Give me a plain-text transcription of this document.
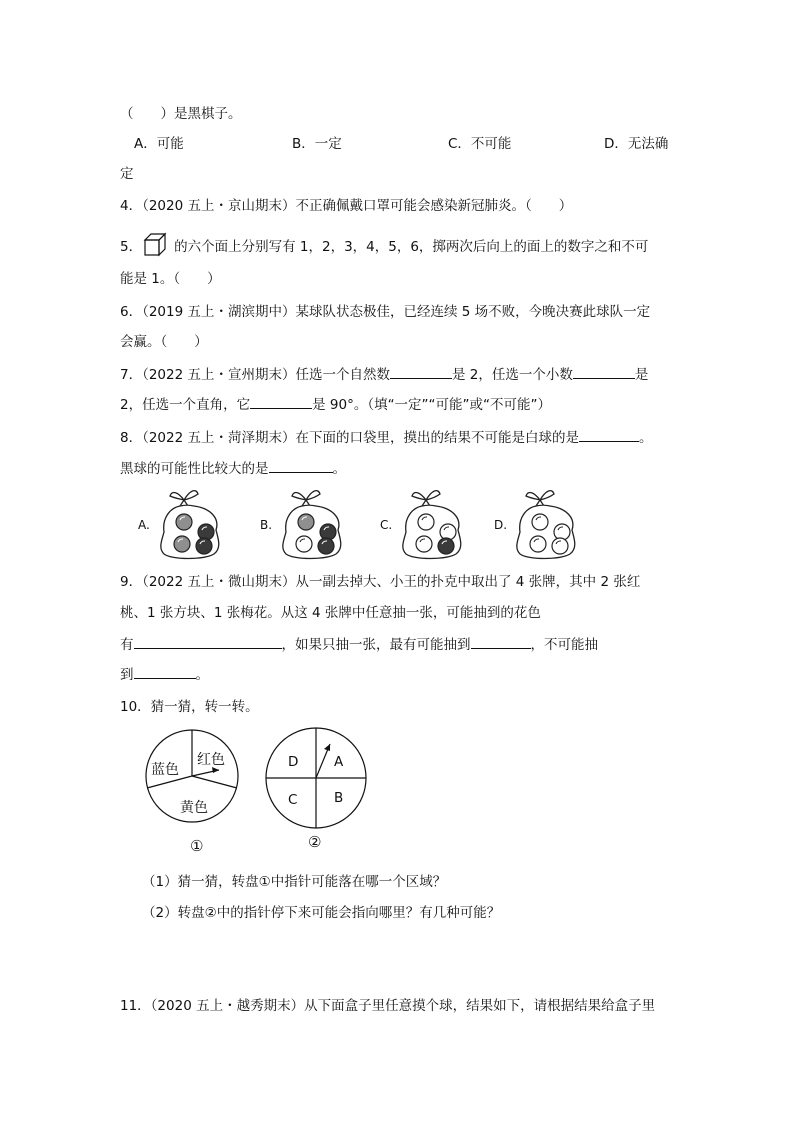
（　　）是黑棋子。
A．可能	B．一定	C．不可能	D．无法确
定
4．（2020 五上・京山期末）不正确佩戴口罩可能会感染新冠肺炎。（　　）
5． 的六个面上分别写有 1，2，3，4，5，6，掷两次后向上的面上的数字之和不可
能是 1。（　　）
6．（2019 五上・湖滨期中）某球队状态极佳，已经连续 5 场不败，今晚决赛此球队一定
会赢。（　　）
7．（2022 五上・宣州期末）任选一个自然数	是 2，任选一个小数	是
2，任选一个直角，它	是 90°。（填“一定”“可能”或“不可能”）
8．（2022 五上・菏泽期末）在下面的口袋里，摸出的结果不可能是白球的是	。
黑球的可能性比较大的是	。
A.	B.	C.	D.
9．（2022 五上・微山期末）从一副去掉大、小王的扑克中取出了 4 张牌，其中 2 张红
桃、1 张方块、1 张梅花。从这 4 张牌中任意抽一张，可能抽到的花色
有	，如果只抽一张，最有可能抽到	，不可能抽
到	。
10．猜一猜，转一转。
蓝色
红色
黄色
①
D	A
C	B
②
（1）猜一猜，转盘①中指针可能落在哪一个区域？
（2）转盘②中的指针停下来可能会指向哪里？有几种可能？
11．（2020 五上・越秀期末）从下面盒子里任意摸个球，结果如下，请根据结果给盒子里
